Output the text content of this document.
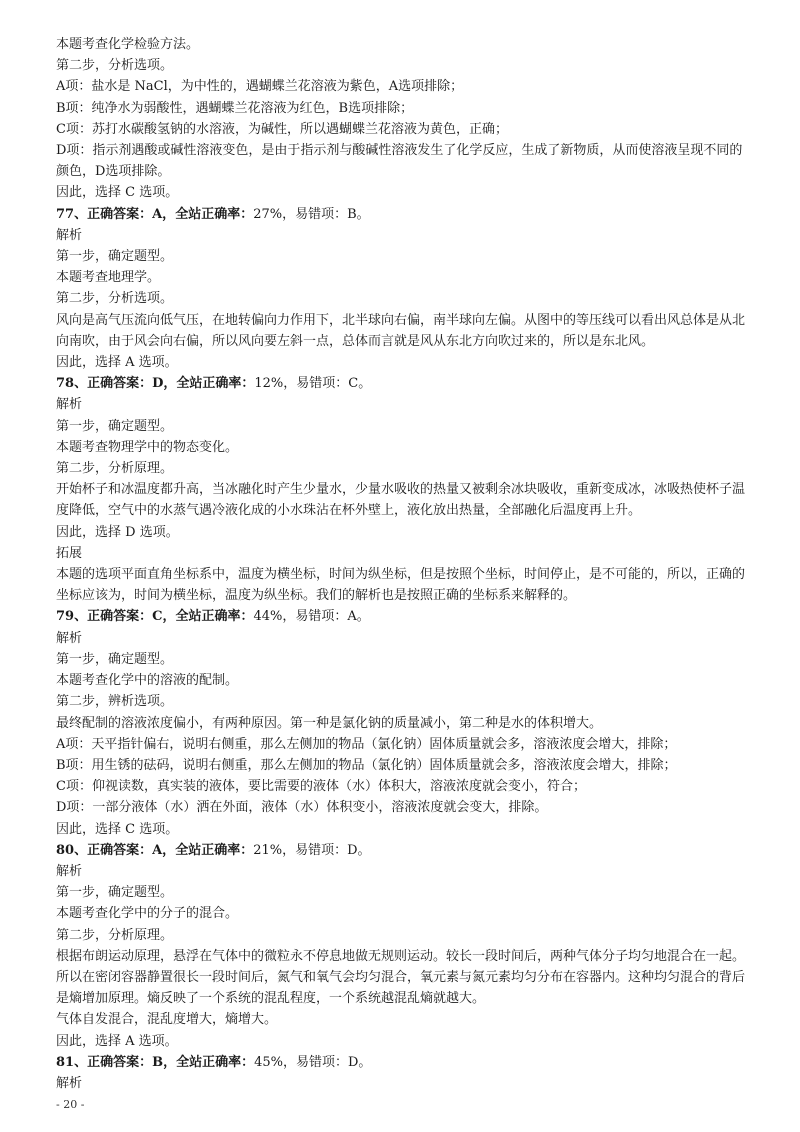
本题考查化学检验方法。
第二步，分析选项。
A项：盐水是 NaCl，为中性的，遇蝴蝶兰花溶液为紫色，A选项排除；
B项：纯净水为弱酸性，遇蝴蝶兰花溶液为红色，B选项排除；
C项：苏打水碳酸氢钠的水溶液，为碱性，所以遇蝴蝶兰花溶液为黄色，正确；
D项：指示剂遇酸或碱性溶液变色，是由于指示剂与酸碱性溶液发生了化学反应，生成了新物质，从而使溶液呈现不同的颜色，D选项排除。
因此，选择 C 选项。
77、正确答案：A，全站正确率：27%，易错项：B。
解析
第一步，确定题型。
本题考查地理学。
第二步，分析选项。
风向是高气压流向低气压，在地转偏向力作用下，北半球向右偏，南半球向左偏。从图中的等压线可以看出风总体是从北向南吹，由于风会向右偏，所以风向要左斜一点，总体而言就是风从东北方向吹过来的，所以是东北风。
因此，选择 A 选项。
78、正确答案：D，全站正确率：12%，易错项：C。
解析
第一步，确定题型。
本题考查物理学中的物态变化。
第二步，分析原理。
开始杯子和冰温度都升高，当冰融化时产生少量水，少量水吸收的热量又被剩余冰块吸收，重新变成冰，冰吸热使杯子温度降低，空气中的水蒸气遇冷液化成的小水珠沾在杯外壁上，液化放出热量，全部融化后温度再上升。
因此，选择 D 选项。
拓展
本题的选项平面直角坐标系中，温度为横坐标，时间为纵坐标，但是按照个坐标，时间停止，是不可能的，所以，正确的坐标应该为，时间为横坐标，温度为纵坐标。我们的解析也是按照正确的坐标系来解释的。
79、正确答案：C，全站正确率：44%，易错项：A。
解析
第一步，确定题型。
本题考查化学中的溶液的配制。
第二步，辨析选项。
最终配制的溶液浓度偏小，有两种原因。第一种是氯化钠的质量减小，第二种是水的体积增大。
A项：天平指针偏右，说明右侧重，那么左侧加的物品（氯化钠）固体质量就会多，溶液浓度会增大，排除；
B项：用生锈的砝码，说明右侧重，那么左侧加的物品（氯化钠）固体质量就会多，溶液浓度会增大，排除；
C项：仰视读数，真实装的液体，要比需要的液体（水）体积大，溶液浓度就会变小，符合；
D项：一部分液体（水）洒在外面，液体（水）体积变小，溶液浓度就会变大，排除。
因此，选择 C 选项。
80、正确答案：A，全站正确率：21%，易错项：D。
解析
第一步，确定题型。
本题考查化学中的分子的混合。
第二步，分析原理。
根据布朗运动原理，悬浮在气体中的微粒永不停息地做无规则运动。较长一段时间后，两种气体分子均匀地混合在一起。所以在密闭容器静置很长一段时间后，氮气和氧气会均匀混合，氧元素与氮元素均匀分布在容器内。这种均匀混合的背后是熵增加原理。熵反映了一个系统的混乱程度，一个系统越混乱熵就越大。
气体自发混合，混乱度增大，熵增大。
因此，选择 A 选项。
81、正确答案：B，全站正确率：45%，易错项：D。
解析
- 20 -
